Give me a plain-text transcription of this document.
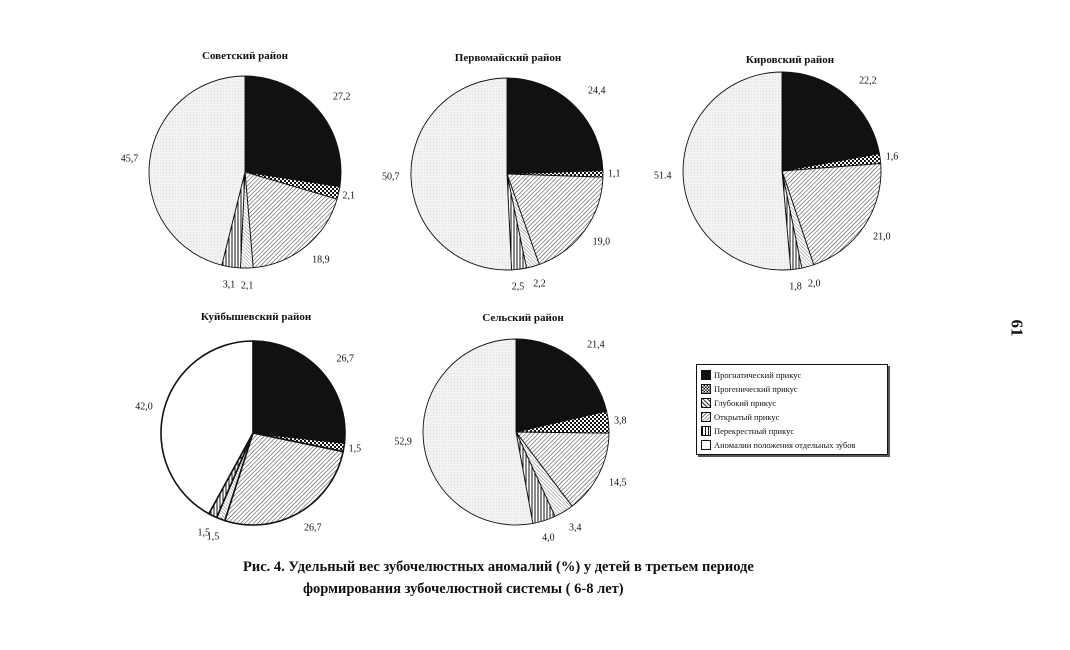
Советский район	Первомайский район	Кировский район
Куйбышевский район	Сельский район
27,2
2,1
18,9
2,1
3,1
45,7
24,4
1,1
19,0
2,2
2,5
50,7
22,2
1,6
21,0
2,0
1,8
51.4
26,7
1,5
26,7
1,5
1,5
42,0
21,4
3,8
14,5
3,4
4,0
52,9
Прогнатический прикус
Прогенический прикус
Глубокий прикус
Открытый прикус
Перекрестный прикус
Аномалии положения отдельных зубов
Рис. 4. Удельный вес зубочелюстных аномалий (%) у детей в третьем периоде
формирования зубочелюстной системы ( 6-8 лет)
61
